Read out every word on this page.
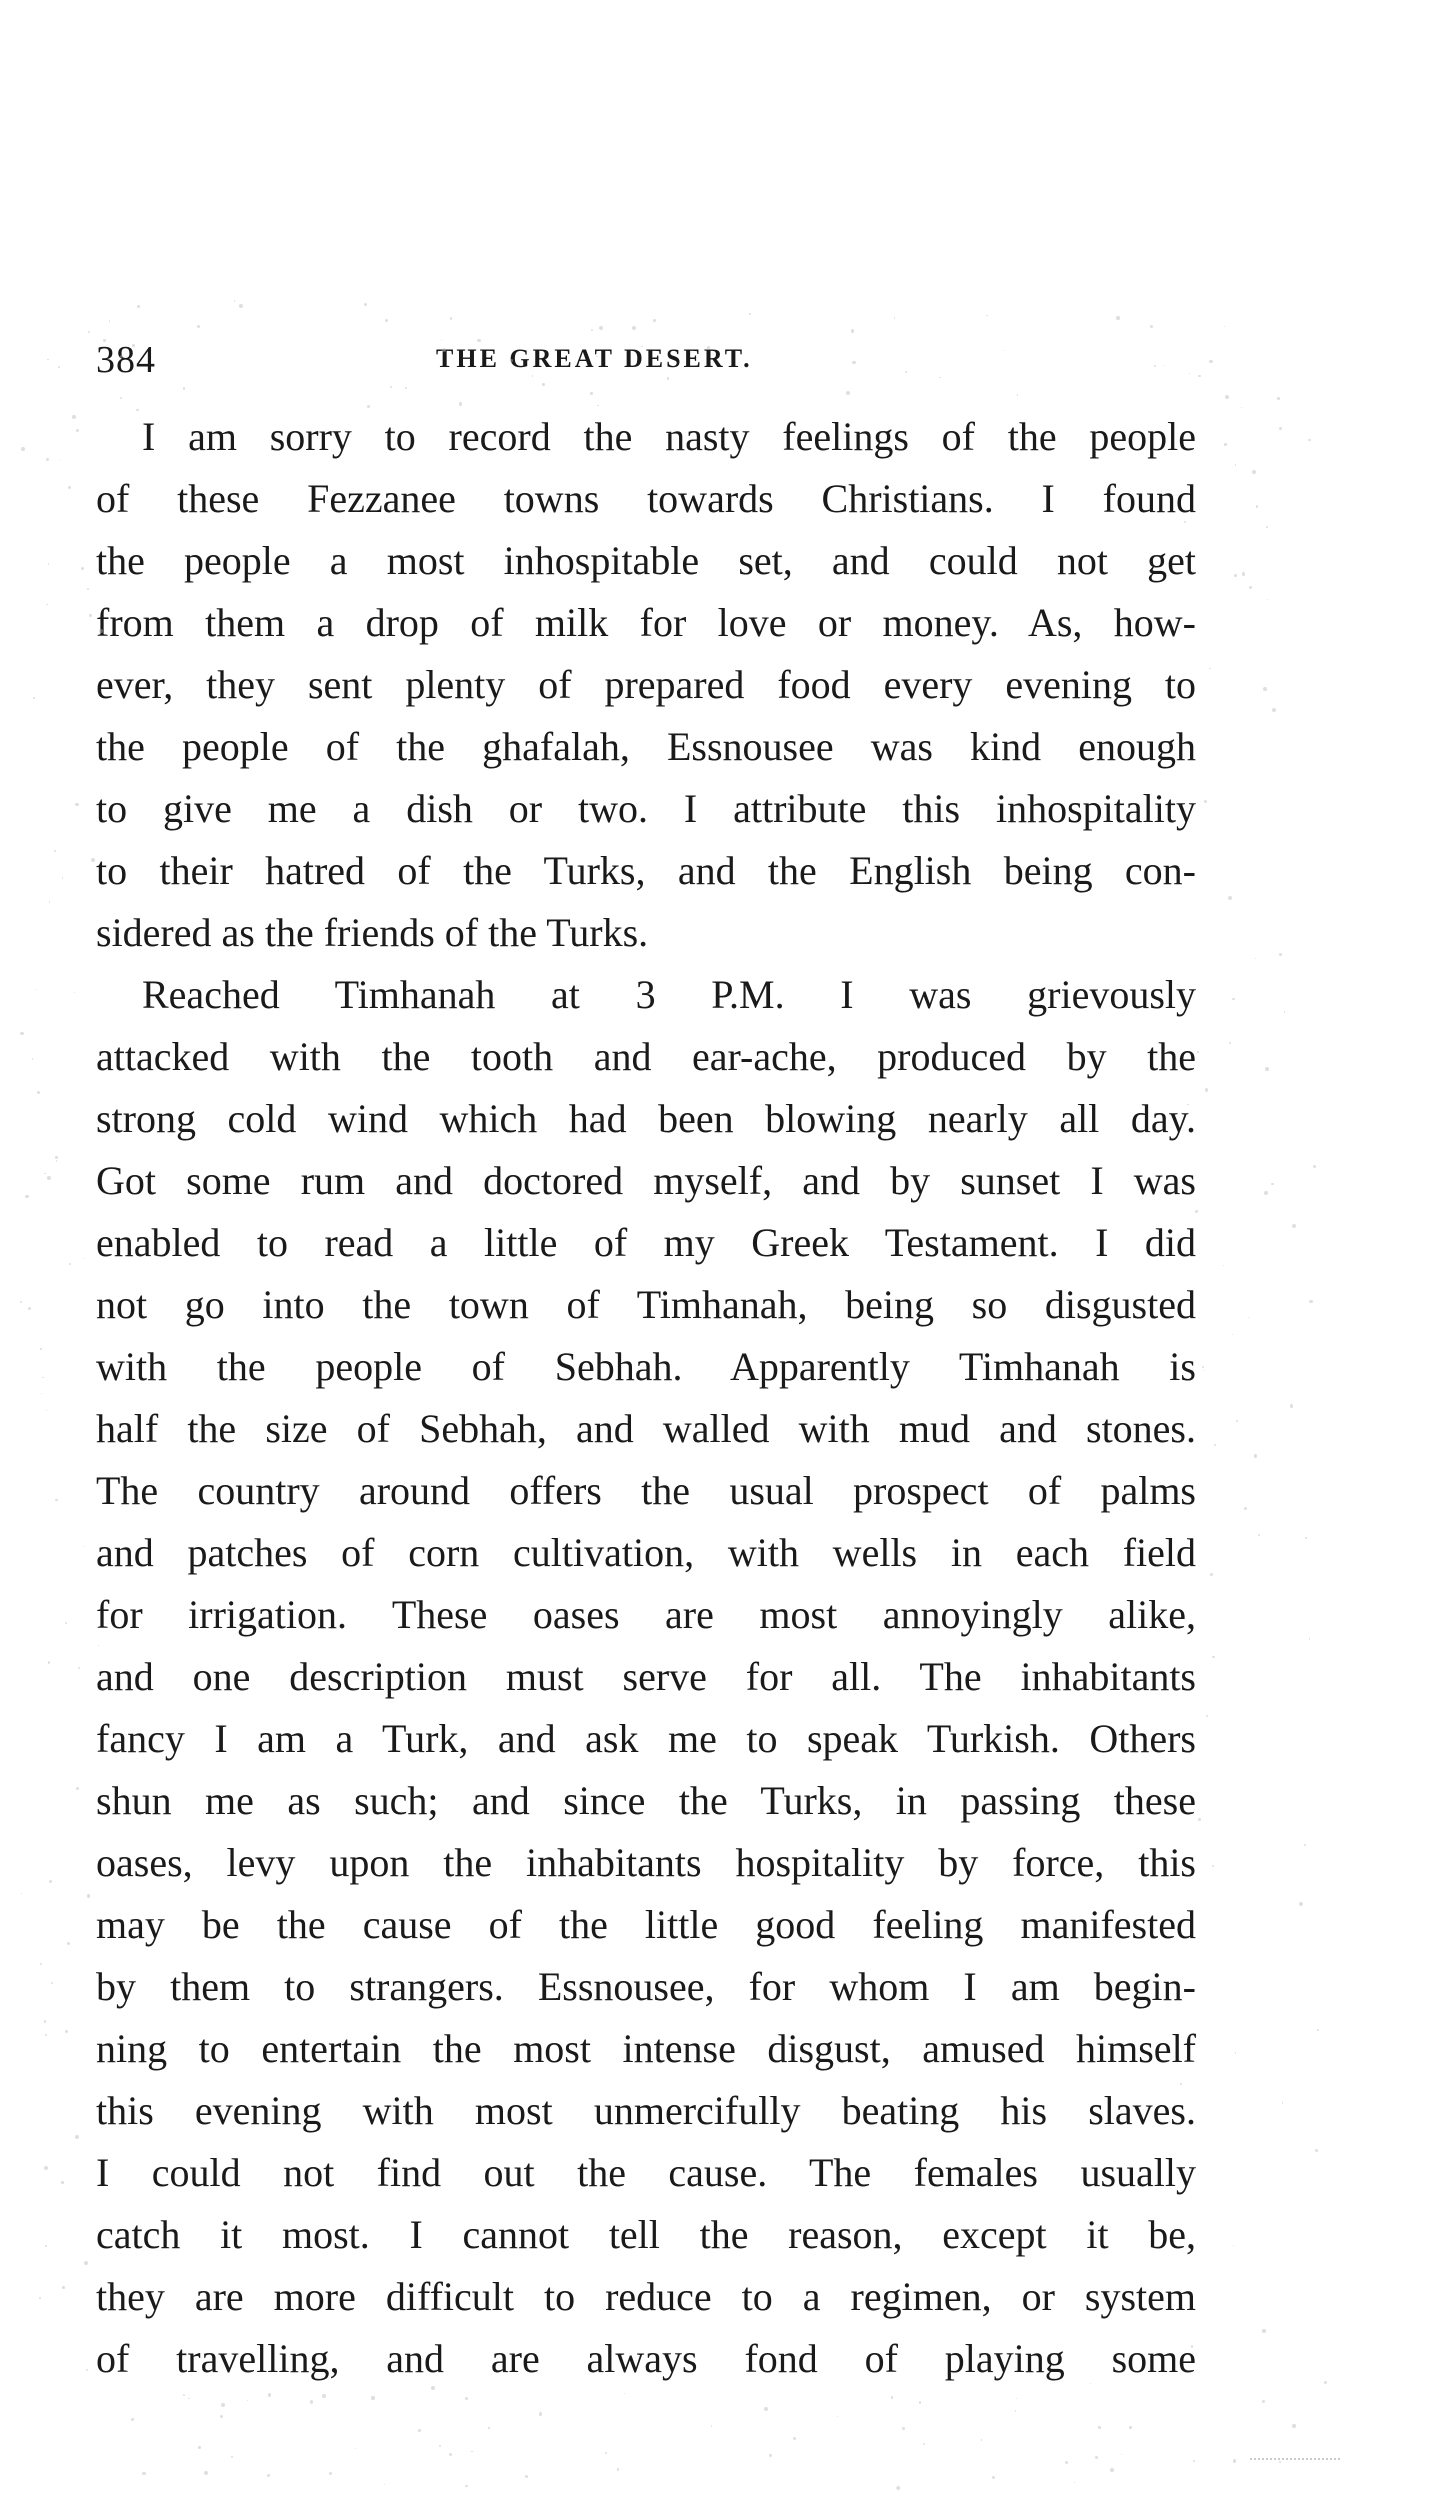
384	THE GREAT DESERT.
I am sorry to record the nasty feelings of the people
of these Fezzanee towns towards Christians. I found
the people a most inhospitable set, and could not get
from them a drop of milk for love or money. As, how-
ever, they sent plenty of prepared food every evening to
the people of the ghafalah, Essnousee was kind enough
to give me a dish or two. I attribute this inhospitality
to their hatred of the Turks, and the English being con-
sidered as the friends of the Turks.
Reached Timhanah at 3 P.M. I was grievously
attacked with the tooth and ear-ache, produced by the
strong cold wind which had been blowing nearly all day.
Got some rum and doctored myself, and by sunset I was
enabled to read a little of my Greek Testament. I did
not go into the town of Timhanah, being so disgusted
with the people of Sebhah. Apparently Timhanah is
half the size of Sebhah, and walled with mud and stones.
The country around offers the usual prospect of palms
and patches of corn cultivation, with wells in each field
for irrigation. These oases are most annoyingly alike,
and one description must serve for all. The inhabitants
fancy I am a Turk, and ask me to speak Turkish. Others
shun me as such; and since the Turks, in passing these
oases, levy upon the inhabitants hospitality by force, this
may be the cause of the little good feeling manifested
by them to strangers. Essnousee, for whom I am begin-
ning to entertain the most intense disgust, amused himself
this evening with most unmercifully beating his slaves.
I could not find out the cause. The females usually
catch it most. I cannot tell the reason, except it be,
they are more difficult to reduce to a regimen, or system
of travelling, and are always fond of playing some
